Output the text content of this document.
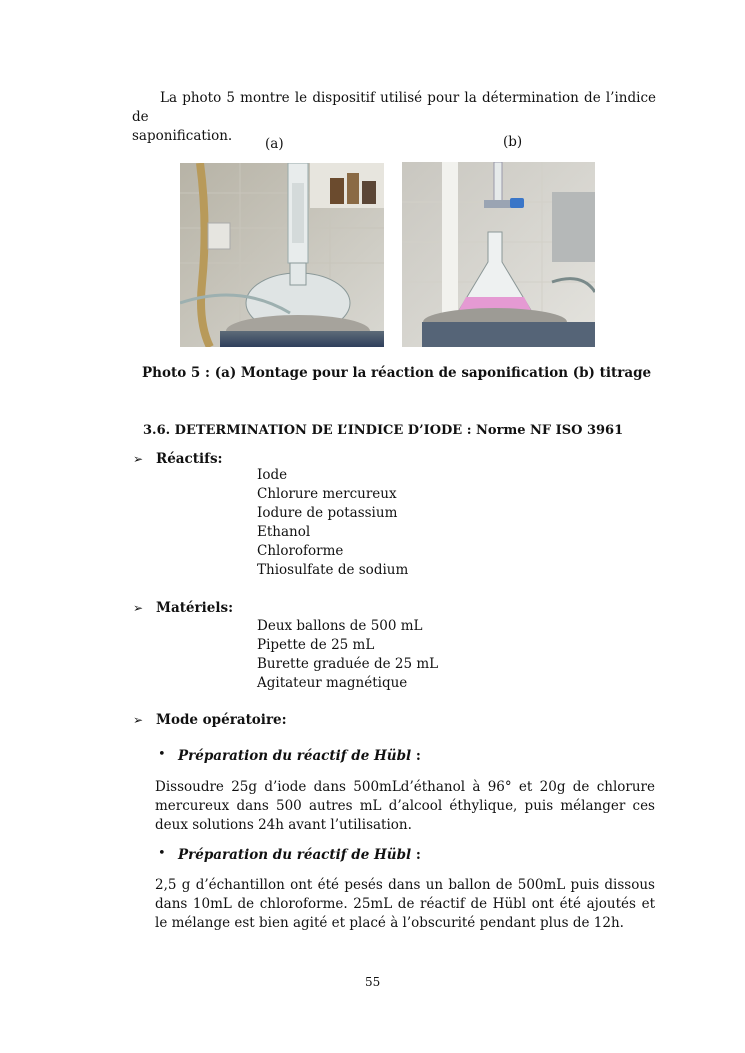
La photo 5 montre le dispositif utilisé pour la détermination de l’indice de
saponification.	(a)	(b)
Photo 5 : (a) Montage pour la réaction de saponification (b) titrage
3.6. DETERMINATION DE L’INDICE D’IODE : Norme NF ISO 3961
➢ Réactifs:
Iode
Chlorure mercureux
Iodure de potassium
Ethanol
Chloroforme
Thiosulfate de sodium
➢ Matériels:
Deux ballons de 500 mL
Pipette de 25 mL
Burette graduée de 25 mL
Agitateur magnétique
➢ Mode opératoire:
• Préparation du réactif de Hübl :
Dissoudre 25g d’iode dans 500mLd’éthanol à 96° et 20g de chlorure mercureux dans 500 autres mL d’alcool éthylique, puis mélanger ces deux solutions 24h avant l’utilisation.
• Préparation du réactif de Hübl :
2,5 g d’échantillon ont été pesés dans un ballon de 500mL puis dissous dans 10mL de chloroforme. 25mL de réactif de Hübl ont été ajoutés et le mélange est bien agité et placé à l’obscurité pendant plus de 12h.
55
